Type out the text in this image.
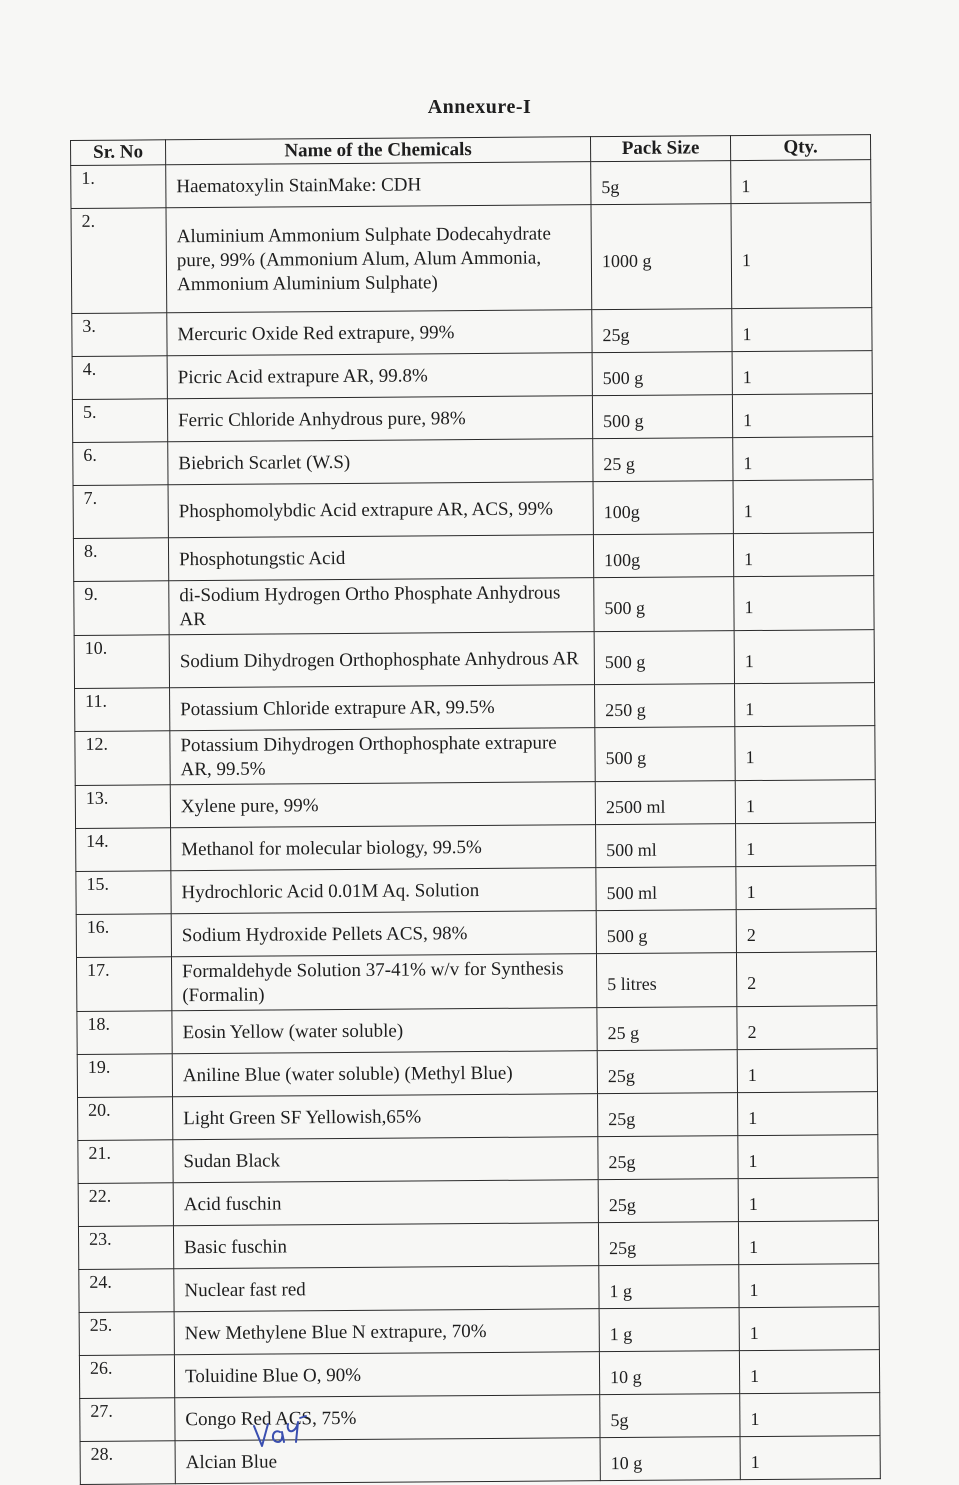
Annexure-I
Sr. No	Name of the Chemicals	Pack Size	Qty.
1.	Haematoxylin StainMake: CDH	5g	1
2.	Aluminium Ammonium Sulphate Dodecahydrate pure, 99% (Ammonium Alum, Alum Ammonia, Ammonium Aluminium Sulphate)	1000 g	1
3.	Mercuric Oxide Red extrapure, 99%	25g	1
4.	Picric Acid extrapure AR, 99.8%	500 g	1
5.	Ferric Chloride Anhydrous pure, 98%	500 g	1
6.	Biebrich Scarlet (W.S)	25 g	1
7.	Phosphomolybdic Acid extrapure AR, ACS, 99%	100g	1
8.	Phosphotungstic Acid	100g	1
9.	di-Sodium Hydrogen Ortho Phosphate Anhydrous AR	500 g	1
10.	Sodium Dihydrogen Orthophosphate Anhydrous AR	500 g	1
11.	Potassium Chloride extrapure AR, 99.5%	250 g	1
12.	Potassium Dihydrogen Orthophosphate extrapure AR, 99.5%	500 g	1
13.	Xylene pure, 99%	2500 ml	1
14.	Methanol for molecular biology, 99.5%	500 ml	1
15.	Hydrochloric Acid 0.01M Aq. Solution	500 ml	1
16.	Sodium Hydroxide Pellets ACS, 98%	500 g	2
17.	Formaldehyde Solution 37-41% w/v for Synthesis (Formalin)	5 litres	2
18.	Eosin Yellow (water soluble)	25 g	2
19.	Aniline Blue (water soluble) (Methyl Blue)	25g	1
20.	Light Green SF Yellowish,65%	25g	1
21.	Sudan Black	25g	1
22.	Acid fuschin	25g	1
23.	Basic fuschin	25g	1
24.	Nuclear fast red	1 g	1
25.	New Methylene Blue N extrapure, 70%	1 g	1
26.	Toluidine Blue O, 90%	10 g	1
27.	Congo Red ACS, 75%	5g	1
28.	Alcian Blue	10 g	1
